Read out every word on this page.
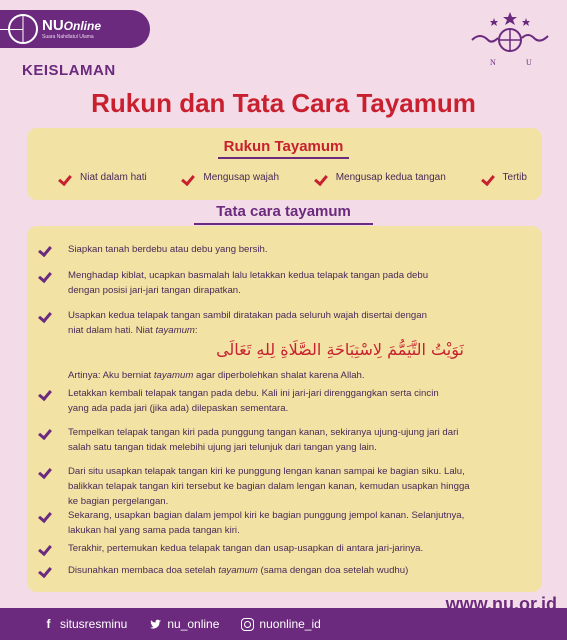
NUOnline
Suara Nahdlatul Ulama
N	U
KEISLAMAN
Rukun dan Tata Cara Tayamum
Rukun Tayamum
Niat dalam hati	Mengusap wajah	Mengusap kedua tangan	Tertib
Tata cara tayamum
Siapkan tanah berdebu atau debu yang bersih.
Menghadap kiblat, ucapkan basmalah lalu letakkan kedua telapak tangan pada debu
dengan posisi jari-jari tangan dirapatkan.
Usapkan kedua telapak tangan sambil diratakan pada seluruh wajah disertai dengan
niat dalam hati. Niat tayamum:
Letakkan kembali telapak tangan pada debu. Kali ini jari-jari direnggangkan serta cincin
yang ada pada jari (jika ada) dilepaskan sementara.
Tempelkan telapak tangan kiri pada punggung tangan kanan, sekiranya ujung-ujung jari dari
salah satu tangan tidak melebihi ujung jari telunjuk dari tangan yang lain.
Dari situ usapkan telapak tangan kiri ke punggung lengan kanan sampai ke bagian siku. Lalu,
balikkan telapak tangan kiri tersebut ke bagian dalam lengan kanan, kemudan usapkan hingga
ke bagian pergelangan.
Sekarang, usapkan bagian dalam jempol kiri ke bagian punggung jempol kanan. Selanjutnya,
lakukan hal yang sama pada tangan kiri.
Terakhir, pertemukan kedua telapak tangan dan usap-usapkan di antara jari-jarinya.
Disunahkan membaca doa setelah tayamum (sama dengan doa setelah wudhu)
نَوَيْتُ التَّيَمُّمَ لِاسْتِبَاحَةِ الصَّلَاةِ لِلهِ تَعَالَى
Artinya: Aku berniat tayamum agar diperbolehkan shalat karena Allah.
f situsresminu	nu_online	nuonline_id
www.nu.or.id
